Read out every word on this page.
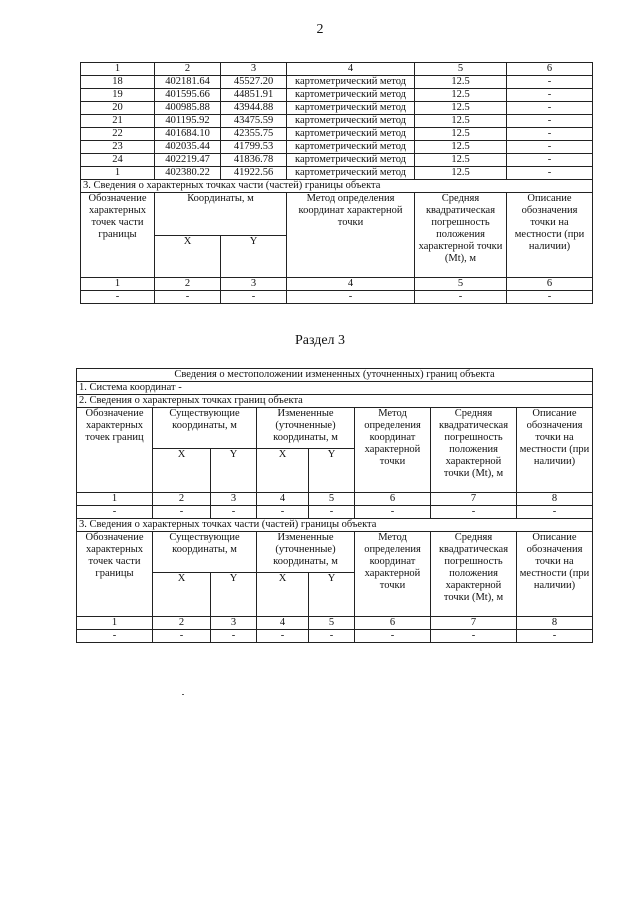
2
1	2	3	4	5	6
18	402181.64	45527.20	картометрический метод	12.5	-
19	401595.66	44851.91	картометрический метод	12.5	-
20	400985.88	43944.88	картометрический метод	12.5	-
21	401195.92	43475.59	картометрический метод	12.5	-
22	401684.10	42355.75	картометрический метод	12.5	-
23	402035.44	41799.53	картометрический метод	12.5	-
24	402219.47	41836.78	картометрический метод	12.5	-
1	402380.22	41922.56	картометрический метод	12.5	-
3. Сведения о характерных точках части (частей) границы объекта					
Обозначение характерных точек части границы	Координаты, м		Метод определения координат характерной точки	Средняя квадратическая погрешность положения характерной точки (Mt), м	Описание обозначения точки на местности (при наличии)
	X	Y			
1	2	3	4	5	6
-	-	-	-	-	-
Раздел 3
Сведения о местоположении измененных (уточненных) границ объекта							
1. Система координат -							
2. Сведения о характерных точках границ объекта							
Обозначение характерных точек границ	Существующие координаты, м		Измененные (уточненные) координаты, м		Метод определения координат характерной точки	Средняя квадратическая погрешность положения характерной точки (Mt), м	Описание обозначения точки на местности (при наличии)
	X	Y	X	Y			
1	2	3	4	5	6	7	8
-	-	-	-	-	-	-	-
3. Сведения о характерных точках части (частей) границы объекта							
Обозначение характерных точек части границы	Существующие координаты, м		Измененные (уточненные) координаты, м		Метод определения координат характерной точки	Средняя квадратическая погрешность положения характерной точки (Mt), м	Описание обозначения точки на местности (при наличии)
	X	Y	X	Y			
1	2	3	4	5	6	7	8
-	-	-	-	-	-	-	-
